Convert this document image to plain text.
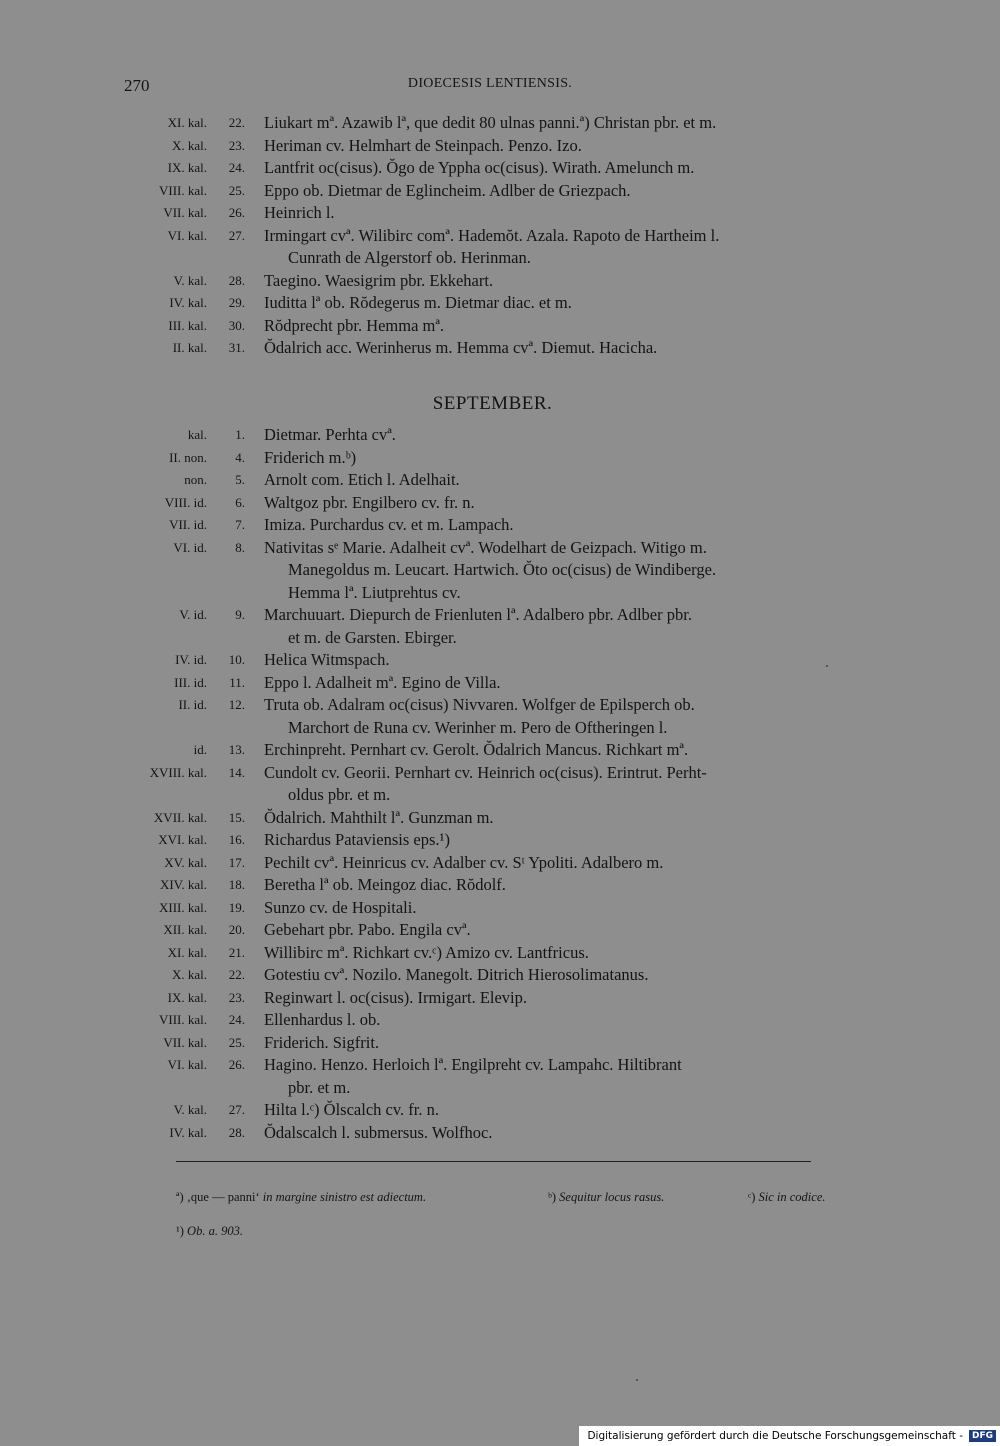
270	DIOECESIS LENTIENSIS.
XI. kal. 22. Liukart mª. Azawib lª, que dedit 80 ulnas panni.ª) Christan pbr. et m.
X. kal. 23. Heriman cv. Helmhart de Steinpach. Penzo. Izo.
IX. kal. 24. Lantfrit oc(cisus). Ŏgo de Yppha oc(cisus). Wirath. Amelunch m.
VIII. kal. 25. Eppo ob. Dietmar de Eglincheim. Adlber de Griezpach.
VII. kal. 26. Heinrich l.
VI. kal. 27. Irmingart cvª. Wilibirc comª. Hademŏt. Azala. Rapoto de Hartheim l.
Cunrath de Algerstorf ob. Herinman.
V. kal. 28. Taegino. Waesigrim pbr. Ekkehart.
IV. kal. 29. Iuditta lª ob. Rŏdegerus m. Dietmar diac. et m.
III. kal. 30. Rŏdprecht pbr. Hemma mª.
II. kal. 31. Ŏdalrich acc. Werinherus m. Hemma cvª. Diemut. Hacicha.
SEPTEMBER.
kal. 1. Dietmar. Perhta cvª.
II. non. 4. Friderich m.ᵇ)
non. 5. Arnolt com. Etich l. Adelhait.
VIII. id. 6. Waltgoz pbr. Engilbero cv. fr. n.
VII. id. 7. Imiza. Purchardus cv. et m. Lampach.
VI. id. 8. Nativitas sᵉ Marie. Adalheit cvª. Wodelhart de Geizpach. Witigo m.
Manegoldus m. Leucart. Hartwich. Ŏto oc(cisus) de Windiberge.
Hemma lª. Liutprehtus cv.
V. id. 9. Marchuuart. Diepurch de Frienluten lª. Adalbero pbr. Adlber pbr.
et m. de Garsten. Ebirger.
IV. id. 10. Helica Witmspach.
III. id. 11. Eppo l. Adalheit mª. Egino de Villa.
II. id. 12. Truta ob. Adalram oc(cisus) Nivvaren. Wolfger de Epilsperch ob.
Marchort de Runa cv. Werinher m. Pero de Oftheringen l.
id. 13. Erchinpreht. Pernhart cv. Gerolt. Ŏdalrich Mancus. Richkart mª.
XVIII. kal. 14. Cundolt cv. Georii. Pernhart cv. Heinrich oc(cisus). Erintrut. Perht-
oldus pbr. et m.
XVII. kal. 15. Ŏdalrich. Mahthilt lª. Gunzman m.
XVI. kal. 16. Richardus Pataviensis eps.¹)
XV. kal. 17. Pechilt cvª. Heinricus cv. Adalber cv. Sᵗ Ypoliti. Adalbero m.
XIV. kal. 18. Beretha lª ob. Meingoz diac. Rŏdolf.
XIII. kal. 19. Sunzo cv. de Hospitali.
XII. kal. 20. Gebehart pbr. Pabo. Engila cvª.
XI. kal. 21. Willibirc mª. Richkart cv.ᶜ) Amizo cv. Lantfricus.
X. kal. 22. Gotestiu cvª. Nozilo. Manegolt. Ditrich Hierosolimatanus.
IX. kal. 23. Reginwart l. oc(cisus). Irmigart. Elevip.
VIII. kal. 24. Ellenhardus l. ob.
VII. kal. 25. Friderich. Sigfrit.
VI. kal. 26. Hagino. Henzo. Herloich lª. Engilpreht cv. Lampahc. Hiltibrant
pbr. et m.
V. kal. 27. Hilta l.ᶜ) Ŏlscalch cv. fr. n.
IV. kal. 28. Ŏdalscalch l. submersus. Wolfhoc.
ª) ‚que — panni‘ in margine sinistro est adiectum.	ᵇ) Sequitur locus rasus.	ᶜ) Sic in codice.
¹) Ob. a. 903.
Digitalisierung gefördert durch die Deutsche Forschungsgemeinschaft -	DFG
